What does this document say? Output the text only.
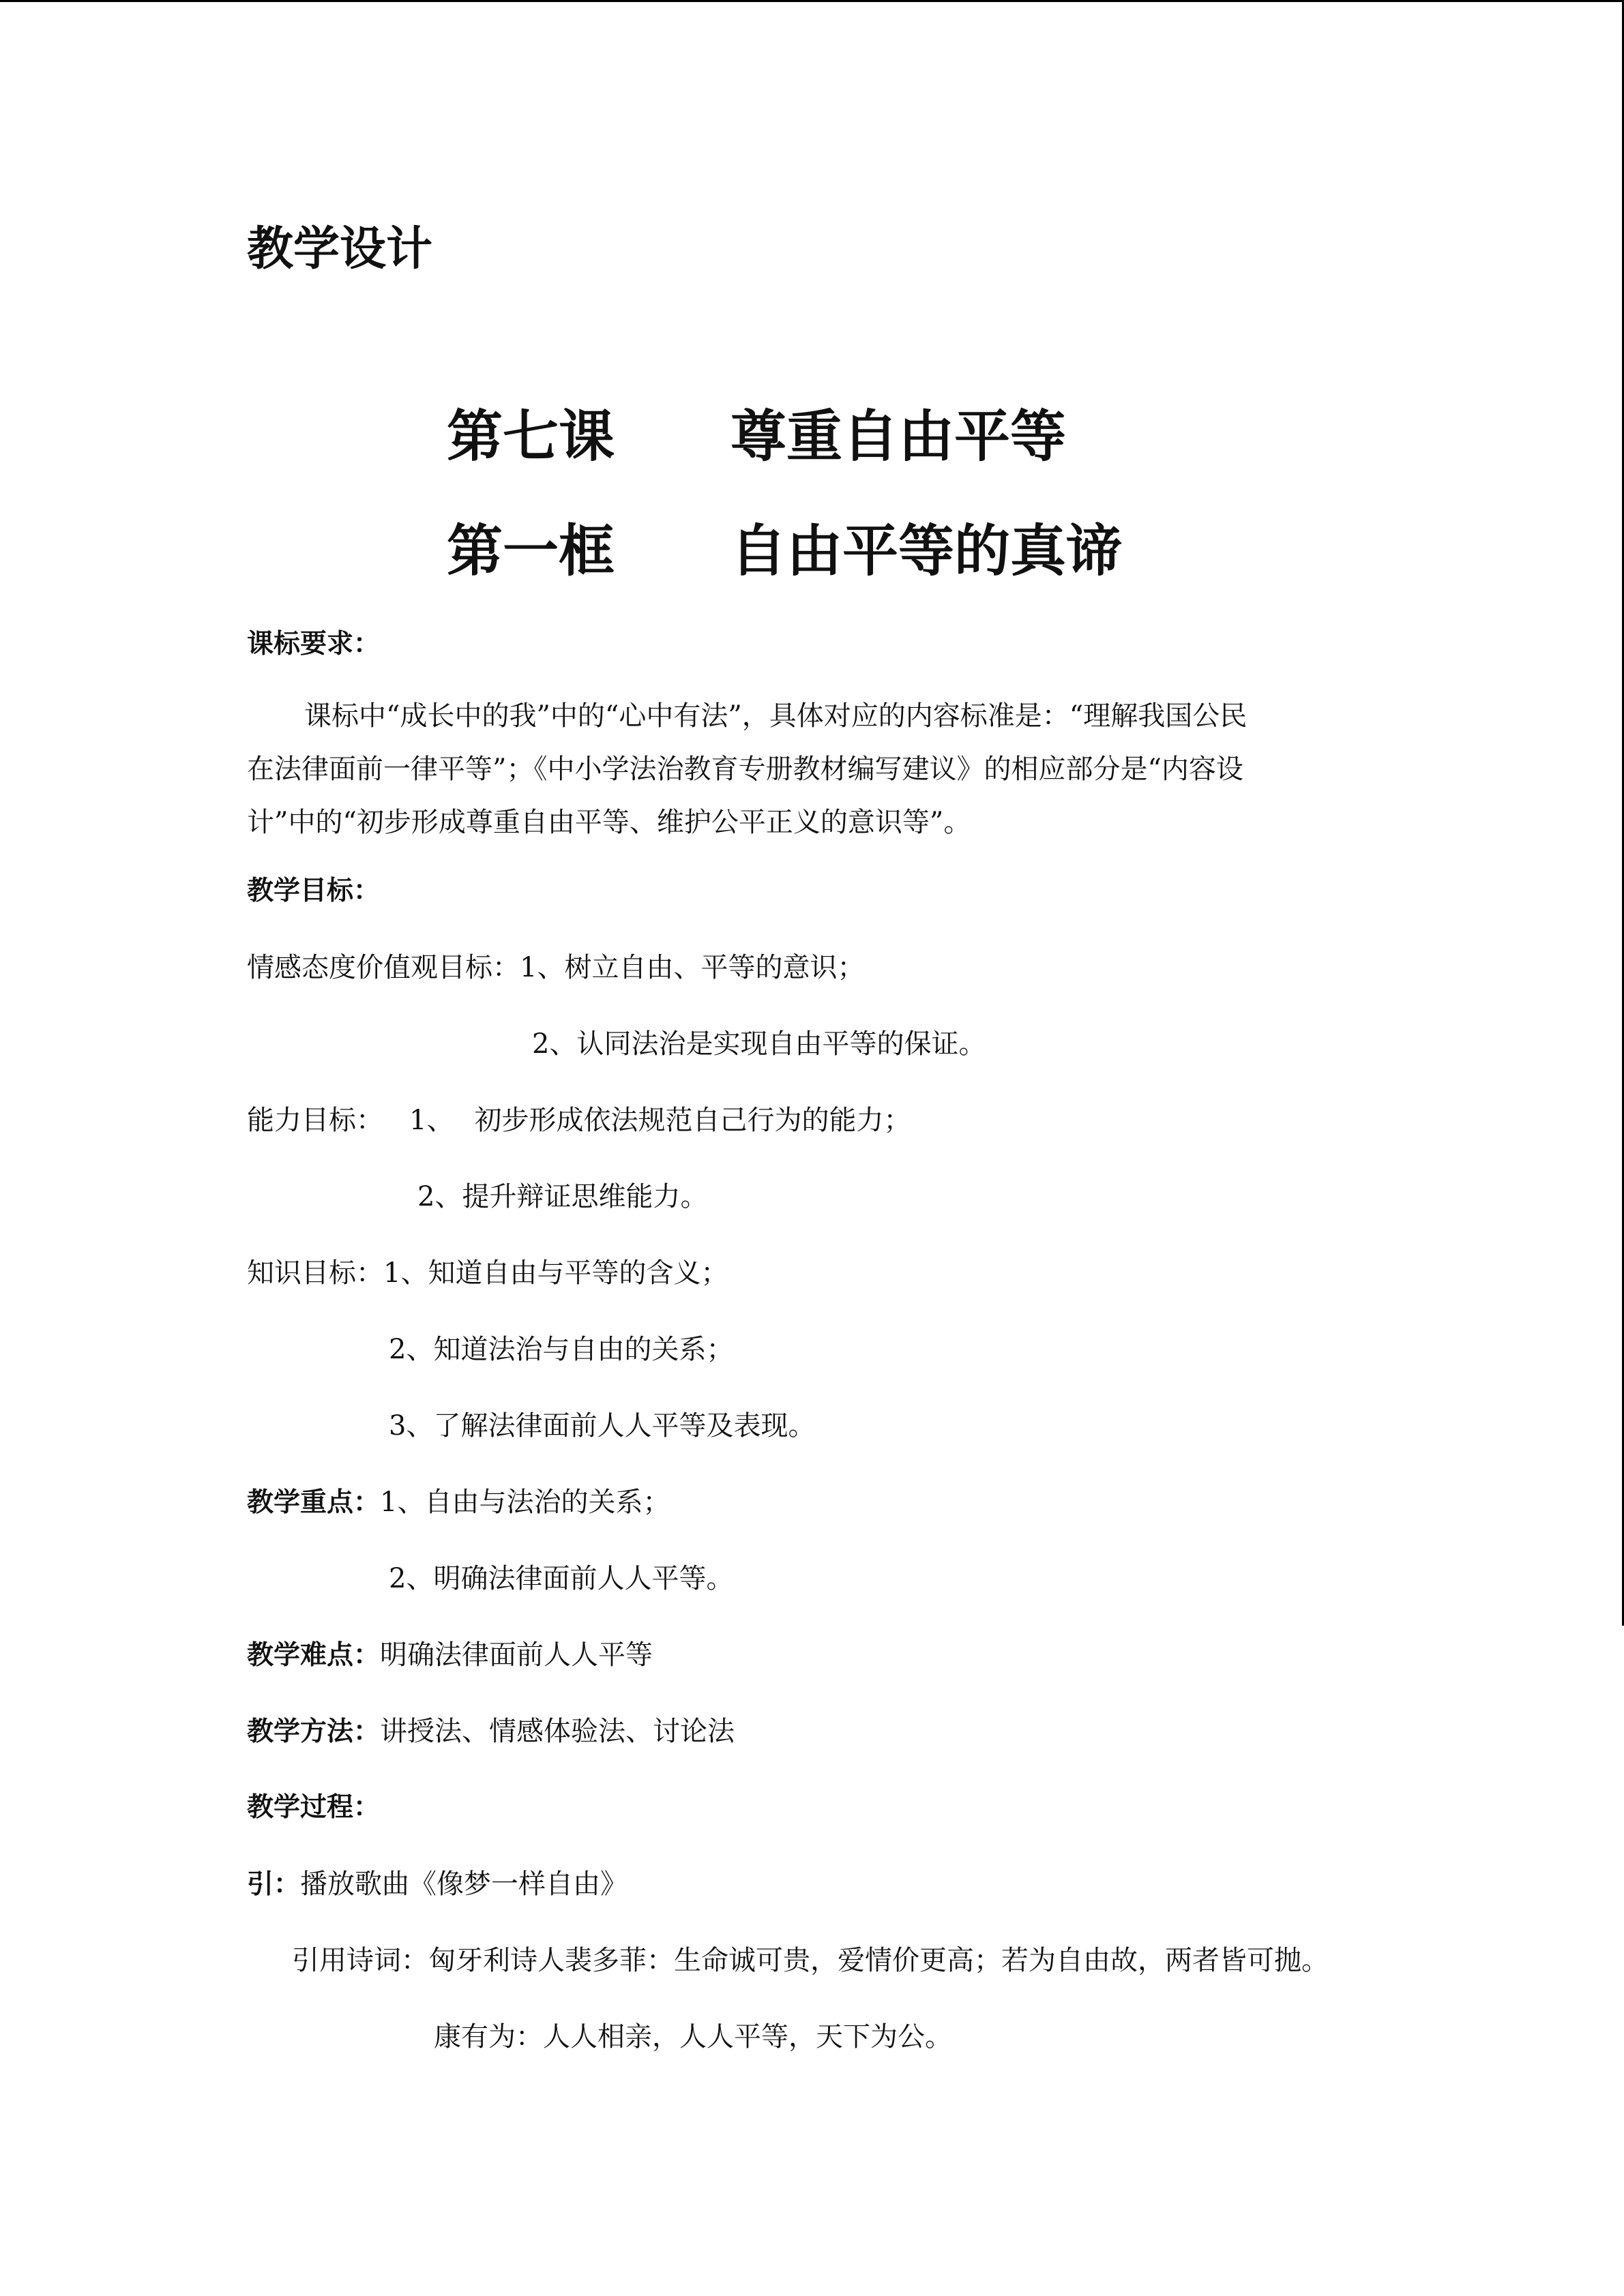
教学设计
第七课 尊重自由平等
第一框 自由平等的真谛
课标要求：

课标中“成长中的我”中的“心中有法”，具体对应的内容标准是：“理解我国公民

在法律面前一律平等”；《中小学法治教育专册教材编写建议》的相应部分是“内容设

计”中的“初步形成尊重自由平等、维护公平正义的意识等”。

教学目标：
情感态度价值观目标：1、树立自由、平等的意识；
2、认同法治是实现自由平等的保证。
能力目标： 1、 初步形成依法规范自己行为的能力；
2、提升辩证思维能力。
知识目标：1、知道自由与平等的含义；
2、知道法治与自由的关系；
3、了解法律面前人人平等及表现。
教学重点：1、自由与法治的关系；
2、明确法律面前人人平等。
教学难点：明确法律面前人人平等
教学方法：讲授法、情感体验法、讨论法
教学过程：
引：播放歌曲《像梦一样自由》
引用诗词：匈牙利诗人裴多菲：生命诚可贵，爱情价更高；若为自由故，两者皆可抛。
康有为：人人相亲，人人平等，天下为公。
